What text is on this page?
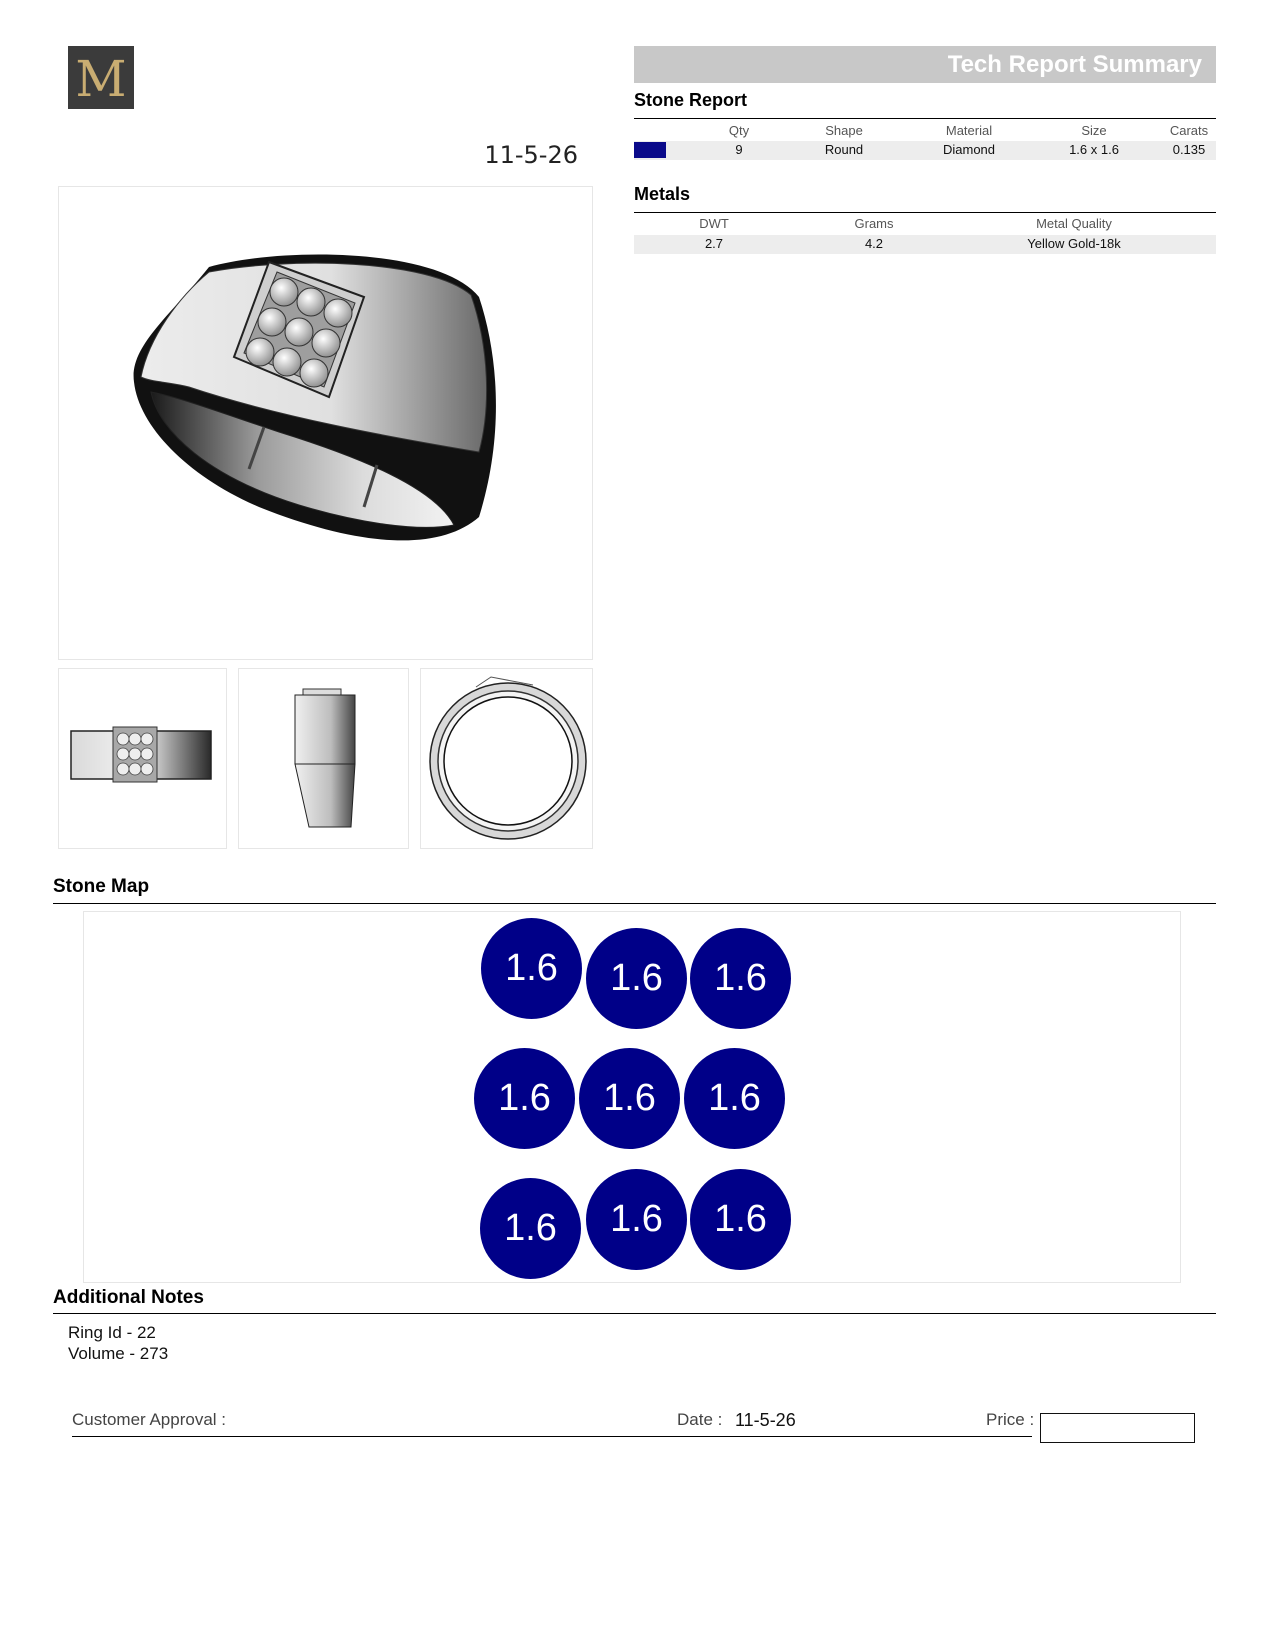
M
11-5-26
Tech Report Summary
Stone Report
Qty	Shape	Material	Size	Carats
9	Round	Diamond	1.6 x 1.6	0.135
Metals
DWT	Grams	Metal Quality
2.7	4.2	Yellow Gold-18k
Stone Map
1.6	1.6	1.6
1.6	1.6	1.6
1.6	1.6	1.6
Additional Notes
Ring Id - 22
Volume - 273
Customer Approval :	Date : 11-5-26	Price :
